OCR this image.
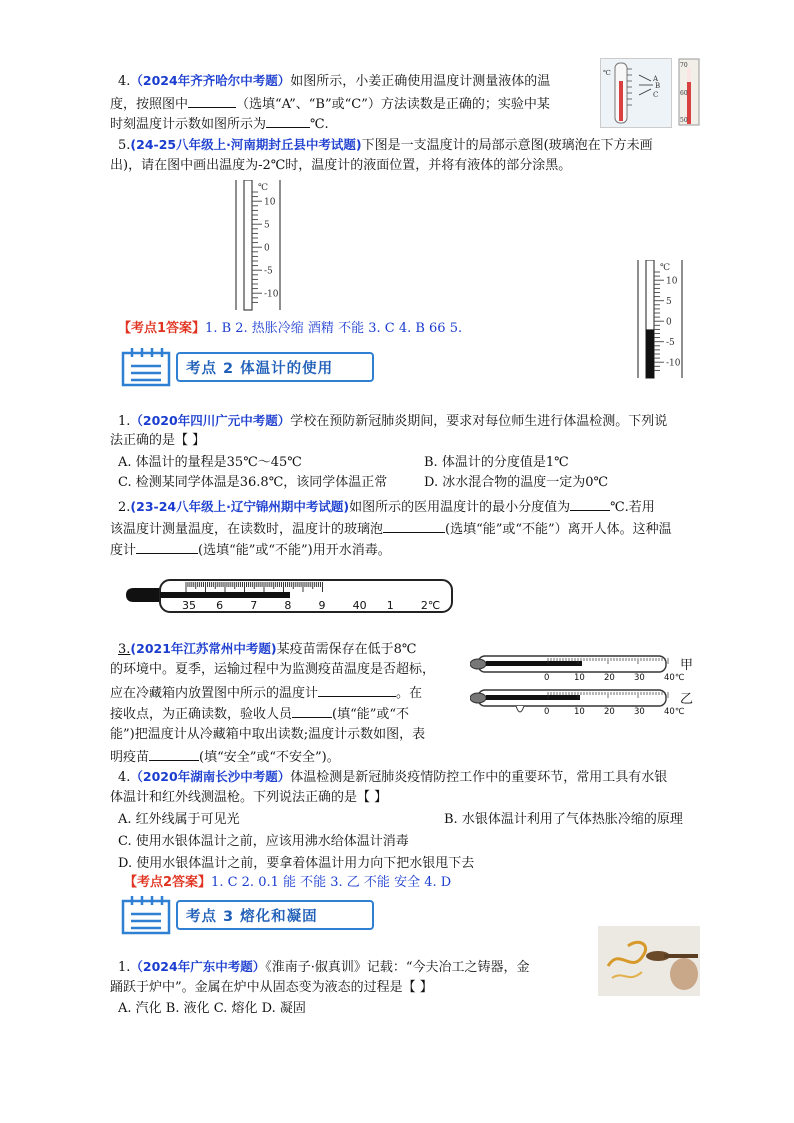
4.（2024年齐齐哈尔中考题）如图所示，小姜正确使用温度计测量液体的温
度，按照图中	（选填“A”、“B”或“C”）方法读数是正确的；实验中某
时刻温度计示数如图所示为	℃.
℃
A
B
C
70
60
50
5.(24-25八年级上·河南期封丘县中考试题)下图是一支温度计的局部示意图(玻璃泡在下方未画
出)，请在图中画出温度为-2℃时，温度计的液面位置，并将有液体的部分涂黑。
℃
10
5
0
-5
-10
【考点1答案】1. B 2. 热胀冷缩 酒精 不能 3. C 4. B 66 5.
℃
10
5
0
-5
-10
考点 2 体温计的使用
1.（2020年四川广元中考题）学校在预防新冠肺炎期间，要求对每位师生进行体温检测。下列说
法正确的是【 】
A. 体温计的量程是35℃～45℃	B. 体温计的分度值是1℃
C. 检测某同学体温是36.8℃，该同学体温正常	D. 冰水混合物的温度一定为0℃
2.(23-24八年级上·辽宁锦州期中考试题)如图所示的医用温度计的最小分度值为	℃.若用
该温度计测量温度，在读数时，温度计的玻璃泡	(选填“能”或“不能”）离开人体。这种温
度计	(选填“能”或“不能”)用开水消毒。
35 6 7 8 9 40 1 2℃
3.(2021年江苏常州中考题)某疫苗需保存在低于8℃
的环境中。夏季，运输过程中为监测疫苗温度是否超标，
应在冷藏箱内放置图中所示的温度计	。在
接收点，为正确读数，验收人员	(填“能”或“不
能”)把温度计从冷藏箱中取出读数;温度计示数如图，表
明疫苗	(填“安全”或“不安全”)。
0	10 20 30 40℃
甲
0	10 20 30 40℃
乙
4.（2020年湖南长沙中考题）体温检测是新冠肺炎疫情防控工作中的重要环节，常用工具有水银
体温计和红外线测温枪。下列说法正确的是【 】
A. 红外线属于可见光	B. 水银体温计利用了气体热胀冷缩的原理
C. 使用水银体温计之前，应该用沸水给体温计消毒
D. 使用水银体温计之前，要拿着体温计用力向下把水银甩下去
【考点2答案】1. C 2. 0.1 能 不能 3. 乙 不能 安全 4. D
考点 3 熔化和凝固
1.（2024年广东中考题）《淮南子·俶真训》记载：“今夫冶工之铸器，金
踊跃于炉中”。金属在炉中从固态变为液态的过程是【 】
A. 汽化 B. 液化 C. 熔化 D. 凝固
